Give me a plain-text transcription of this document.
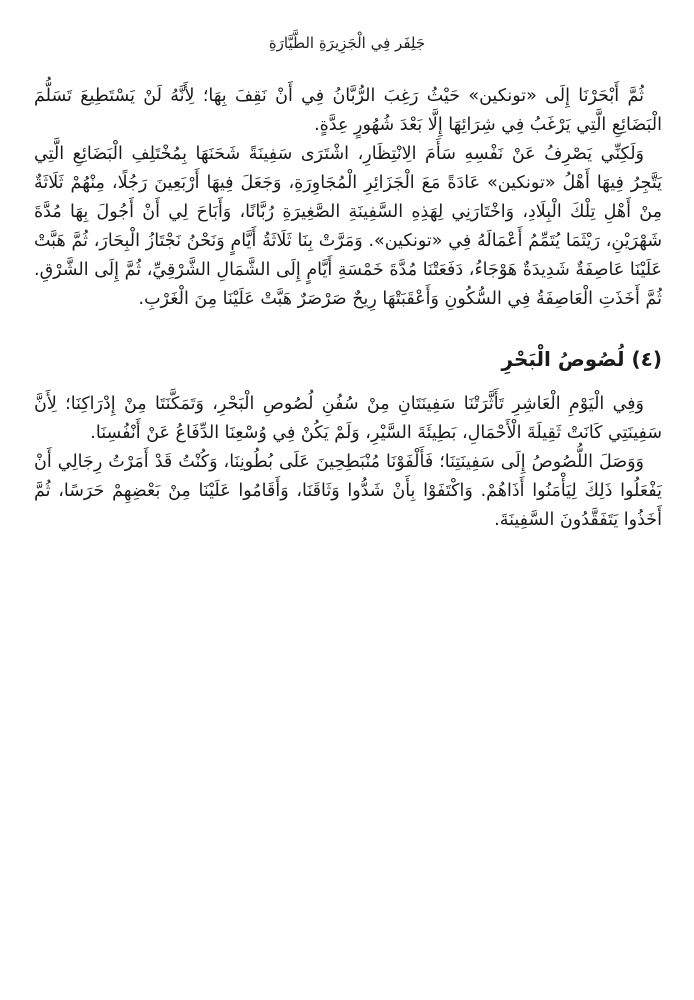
جَلِفَر فِي الْجَزِيرَةِ الطَّيَّارَةِ

ثُمَّ أَبْحَرْنَا إِلَى «تونكين» حَيْثُ رَغِبَ الرُّبَّانُ فِي أَنْ نَقِفَ بِهَا؛ لِأَنَّهُ لَنْ يَسْتَطِيعَ تَسَلُّمَ الْبَضَائِعِ الَّتِي يَرْغَبُ فِي شِرَائِهَا إِلَّا بَعْدَ شُهُورٍ عِدَّةٍ.

وَلَكِنِّي يَصْرِفُ عَنْ نَفْسِهِ سَأَمَ الِانْتِظَارِ، اشْتَرَى سَفِينَةً شَحَنَهَا بِمُخْتَلِفِ الْبَضَائِعِ الَّتِي يَتَّجِرُ فِيهَا أَهْلُ «تونكين» عَادَةً مَعَ الْجَزَائِرِ الْمُجَاوِرَةِ، وَجَعَلَ فِيهَا أَرْبَعِينَ رَجُلًا، مِنْهُمْ ثَلَاثَةٌ مِنْ أَهْلِ تِلْكَ الْبِلَادِ، وَاخْتَارَنِي لِهَذِهِ السَّفِينَةِ الصَّغِيرَةِ رُبَّانًا، وَأَبَاحَ لِي أَنْ أَجُولَ بِهَا مُدَّةَ شَهْرَيْنِ، رَيْثَمَا يُتَمِّمُ أَعْمَالَهُ فِي «تونكين». وَمَرَّتْ بِنَا ثَلَاثَةُ أَيَّامٍ وَنَحْنُ نَجْتَازُ الْبِحَارَ، ثُمَّ هَبَّتْ عَلَيْنَا عَاصِفَةٌ شَدِيدَةٌ هَوْجَاءُ، دَفَعَتْنَا مُدَّةَ خَمْسَةِ أَيَّامٍ إِلَى الشَّمَالِ الشَّرْقِيِّ، ثُمَّ إِلَى الشَّرْقِ. ثُمَّ أَخَذَتِ الْعَاصِفَةُ فِي السُّكُونِ وَأَعْقَبَتْهَا رِيحٌ صَرْصَرٌ هَبَّتْ عَلَيْنَا مِنَ الْغَرْبِ.

(٤) لُصُوصُ الْبَحْرِ

وَفِي الْيَوْمِ الْعَاشِرِ تَأَثَّرَتْنَا سَفِينَتَانِ مِنْ سُفُنِ لُصُوصِ الْبَحْرِ، وَتَمَكَّنَتَا مِنْ إِدْرَاكِنَا؛ لِأَنَّ سَفِينَتِي كَانَتْ ثَقِيلَةَ الْأَحْمَالِ، بَطِيئَةَ السَّيْرِ، وَلَمْ يَكُنْ فِي وُسْعِنَا الدِّفَاعُ عَنْ أَنْفُسِنَا.

وَوَصَلَ اللُّصُوصُ إِلَى سَفِينَتِنَا؛ فَأَلْفَوْنَا مُنْبَطِحِينَ عَلَى بُطُونِنَا، وَكُنْتُ قَدْ أَمَرْتُ رِجَالِي أَنْ يَفْعَلُوا ذَلِكَ لِيَأْمَنُوا أَذَاهُمْ. وَاكْتَفَوْا بِأَنْ شَدُّوا وَثَاقَنَا، وَأَقَامُوا عَلَيْنَا مِنْ بَعْضِهِمْ حَرَسًا، ثُمَّ أَخَذُوا يَتَفَقَّدُونَ السَّفِينَةَ.
